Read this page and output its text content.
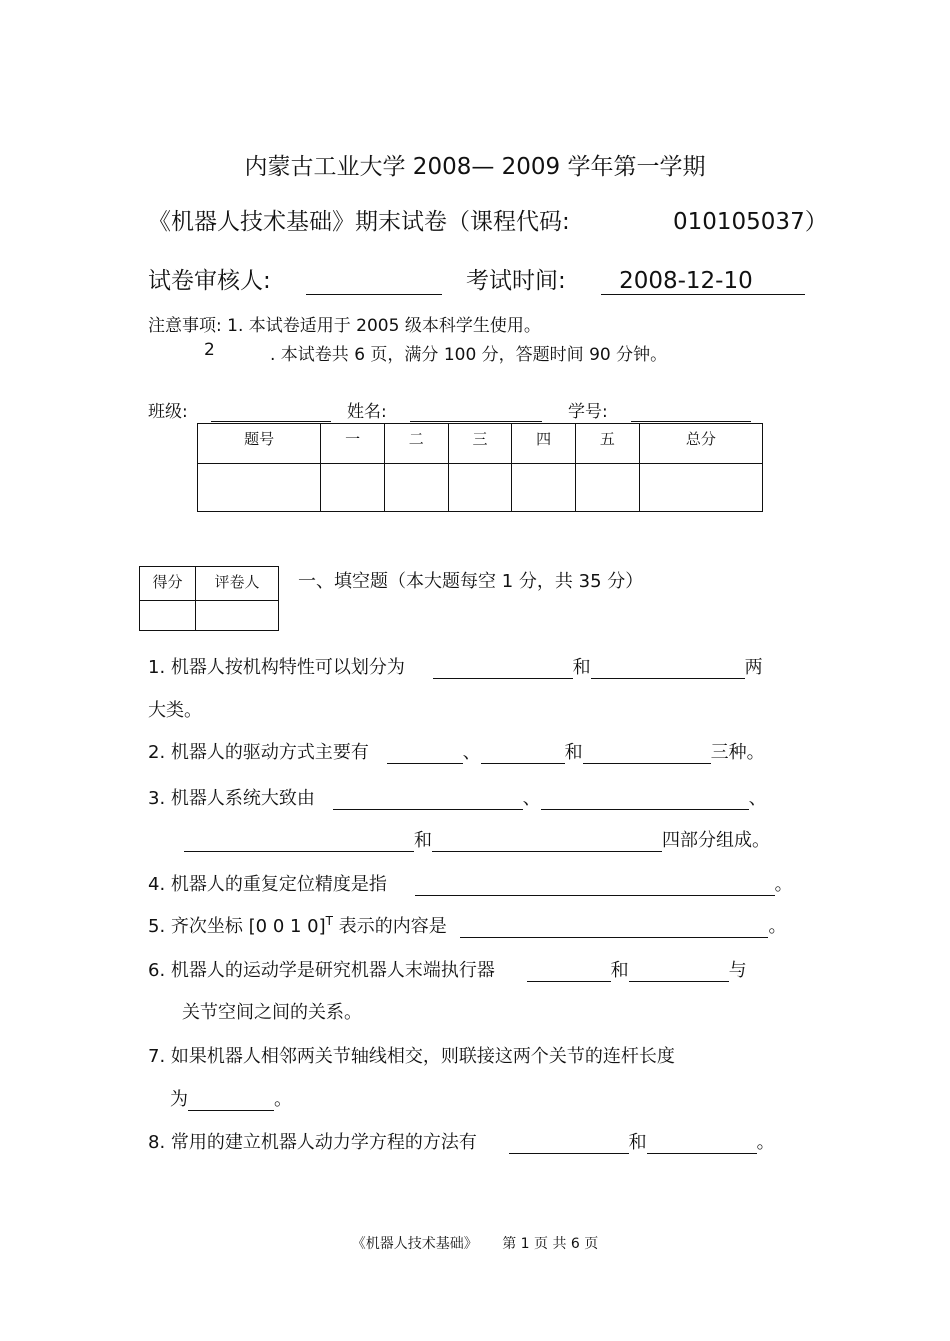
内蒙古工业大学 2008— 2009 学年第一学期
《机器人技术基础》期末试卷（课程代码:	010105037）
试卷审核人:	考试时间: 2008-12-10
注意事项: 1. 本试卷适用于 2005 级本科学生使用。
2	. 本试卷共 6 页，满分 100 分，答题时间 90 分钟。
班级:	姓名:	学号:
题号	一	二	三	四	五	总分

得分	评卷人
	一、填空题（本大题每空 1 分，共 35 分）
1. 机器人按机构特性可以划分为	和	两
大类。
2. 机器人的驱动方式主要有	、	和	三种。
3. 机器人系统大致由	、	、
和	四部分组成。
4. 机器人的重复定位精度是指	。
5. 齐次坐标 [0 0 1 0]$^T$ 表示的内容是	。
6. 机器人的运动学是研究机器人末端执行器	和	与
关节空间之间的关系。
7. 如果机器人相邻两关节轴线相交，则联接这两个关节的连杆长度
为	。
8. 常用的建立机器人动力学方程的方法有	和	。
《机器人技术基础》 第 1 页 共 6 页
